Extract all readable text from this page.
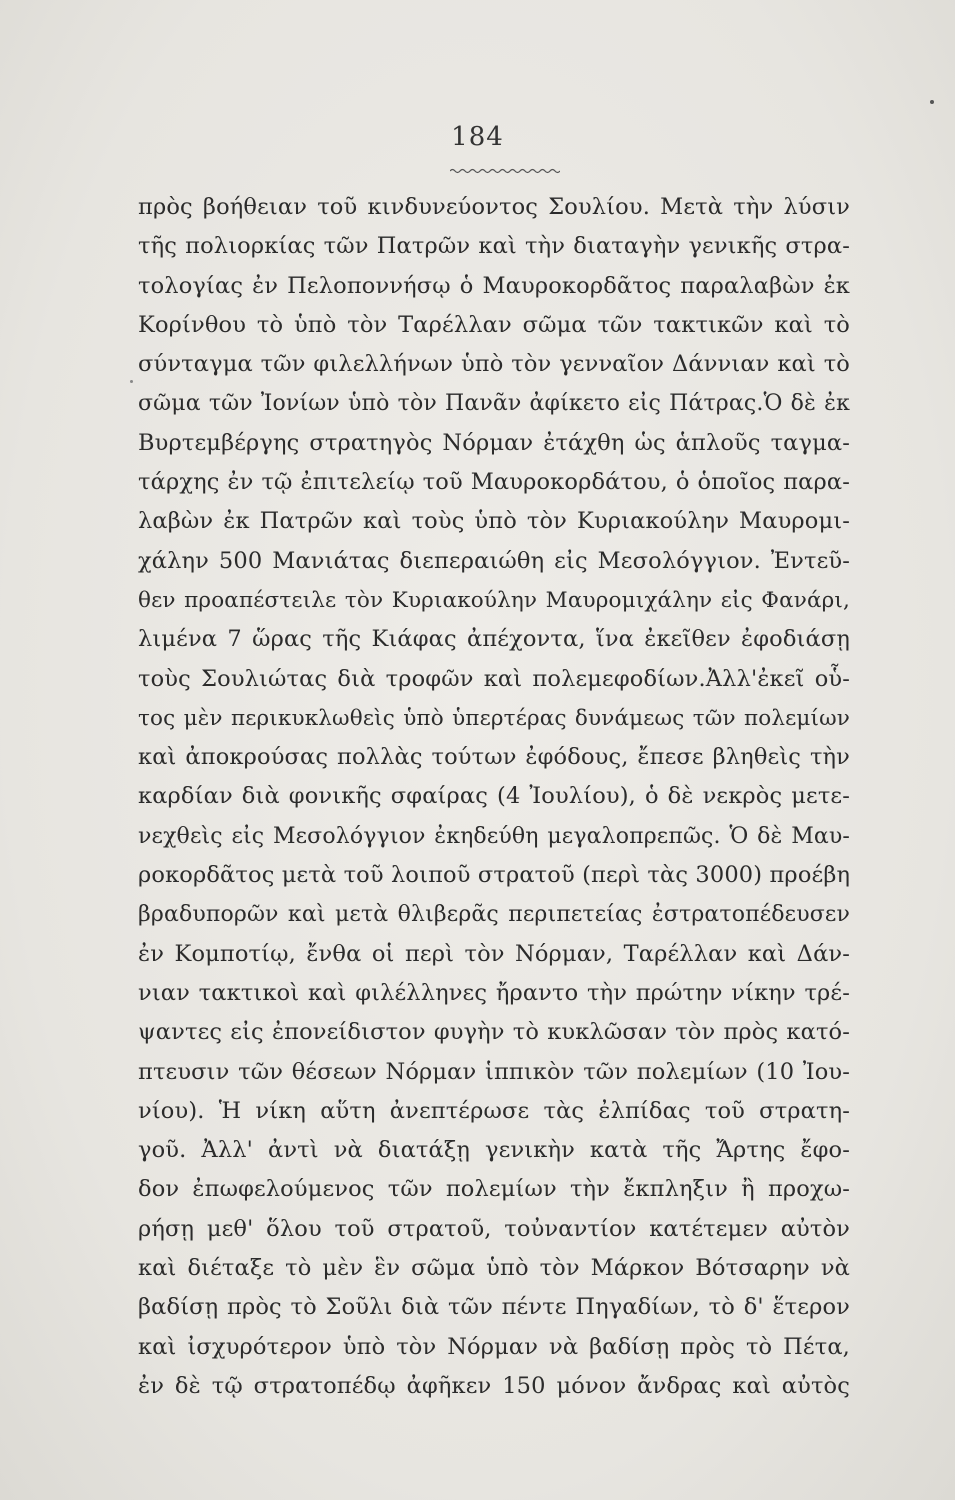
184
πρὸς βοήθειαν τοῦ κινδυνεύοντος Σουλίου. Μετὰ τὴν λύσιν
τῆς πολιορκίας τῶν Πατρῶν καὶ τὴν διαταγὴν γενικῆς στρα-
τολογίας ἐν Πελοποννήσῳ ὁ Μαυροκορδᾶτος παραλαβὼν ἐκ
Κορίνθου τὸ ὑπὸ τὸν Ταρέλλαν σῶμα τῶν τακτικῶν καὶ τὸ
σύνταγμα τῶν φιλελλήνων ὑπὸ τὸν γενναῖον Δάννιαν καὶ τὸ
σῶμα τῶν Ἰονίων ὑπὸ τὸν Πανᾶν ἀφίκετο εἰς Πάτρας.Ὁ δὲ ἐκ
Βυρτεμβέργης στρατηγὸς Νόρμαν ἐτάχθη ὡς ἁπλοῦς ταγμα-
τάρχης ἐν τῷ ἐπιτελείῳ τοῦ Μαυροκορδάτου, ὁ ὁποῖος παρα-
λαβὼν ἐκ Πατρῶν καὶ τοὺς ὑπὸ τὸν Κυριακούλην Μαυρομι-
χάλην 500 Μανιάτας διεπεραιώθη εἰς Μεσολόγγιον. Ἐντεῦ-
θεν προαπέστειλε τὸν Κυριακούλην Μαυρομιχάλην εἰς Φανάρι,
λιμένα 7 ὥρας τῆς Κιάφας ἀπέχοντα, ἵνα ἐκεῖθεν ἐφοδιάσῃ
τοὺς Σουλιώτας διὰ τροφῶν καὶ πολεμεφοδίων.Ἀλλ'ἐκεῖ οὗ-
τος μὲν περικυκλωθεὶς ὑπὸ ὑπερτέρας δυνάμεως τῶν πολεμίων
καὶ ἀποκρούσας πολλὰς τούτων ἐφόδους, ἔπεσε βληθεὶς τὴν
καρδίαν διὰ φονικῆς σφαίρας (4 Ἰουλίου), ὁ δὲ νεκρὸς μετε-
νεχθεὶς εἰς Μεσολόγγιον ἐκηδεύθη μεγαλοπρεπῶς. Ὁ δὲ Μαυ-
ροκορδᾶτος μετὰ τοῦ λοιποῦ στρατοῦ (περὶ τὰς 3000) προέβη
βραδυπορῶν καὶ μετὰ θλιβερᾶς περιπετείας ἐστρατοπέδευσεν
ἐν Κομποτίῳ, ἔνθα οἱ περὶ τὸν Νόρμαν, Ταρέλλαν καὶ Δάν-
νιαν τακτικοὶ καὶ φιλέλληνες ἤραντο τὴν πρώτην νίκην τρέ-
ψαντες εἰς ἐπονείδιστον φυγὴν τὸ κυκλῶσαν τὸν πρὸς κατό-
πτευσιν τῶν θέσεων Νόρμαν ἱππικὸν τῶν πολεμίων (10 Ἰου-
νίου). Ἡ νίκη αὕτη ἀνεπτέρωσε τὰς ἐλπίδας τοῦ στρατη-
γοῦ. Ἀλλ' ἀντὶ νὰ διατάξῃ γενικὴν κατὰ τῆς Ἄρτης ἔφο-
δον ἐπωφελούμενος τῶν πολεμίων τὴν ἔκπληξιν ἢ προχω-
ρήσῃ μεθ' ὅλου τοῦ στρατοῦ, τοὐναντίον κατέτεμεν αὐτὸν
καὶ διέταξε τὸ μὲν ἓν σῶμα ὑπὸ τὸν Μάρκον Βότσαρην νὰ
βαδίσῃ πρὸς τὸ Σοῦλι διὰ τῶν πέντε Πηγαδίων, τὸ δ' ἕτερον
καὶ ἰσχυρότερον ὑπὸ τὸν Νόρμαν νὰ βαδίσῃ πρὸς τὸ Πέτα,
ἐν δὲ τῷ στρατοπέδῳ ἀφῆκεν 150 μόνον ἄνδρας καὶ αὐτὸς
